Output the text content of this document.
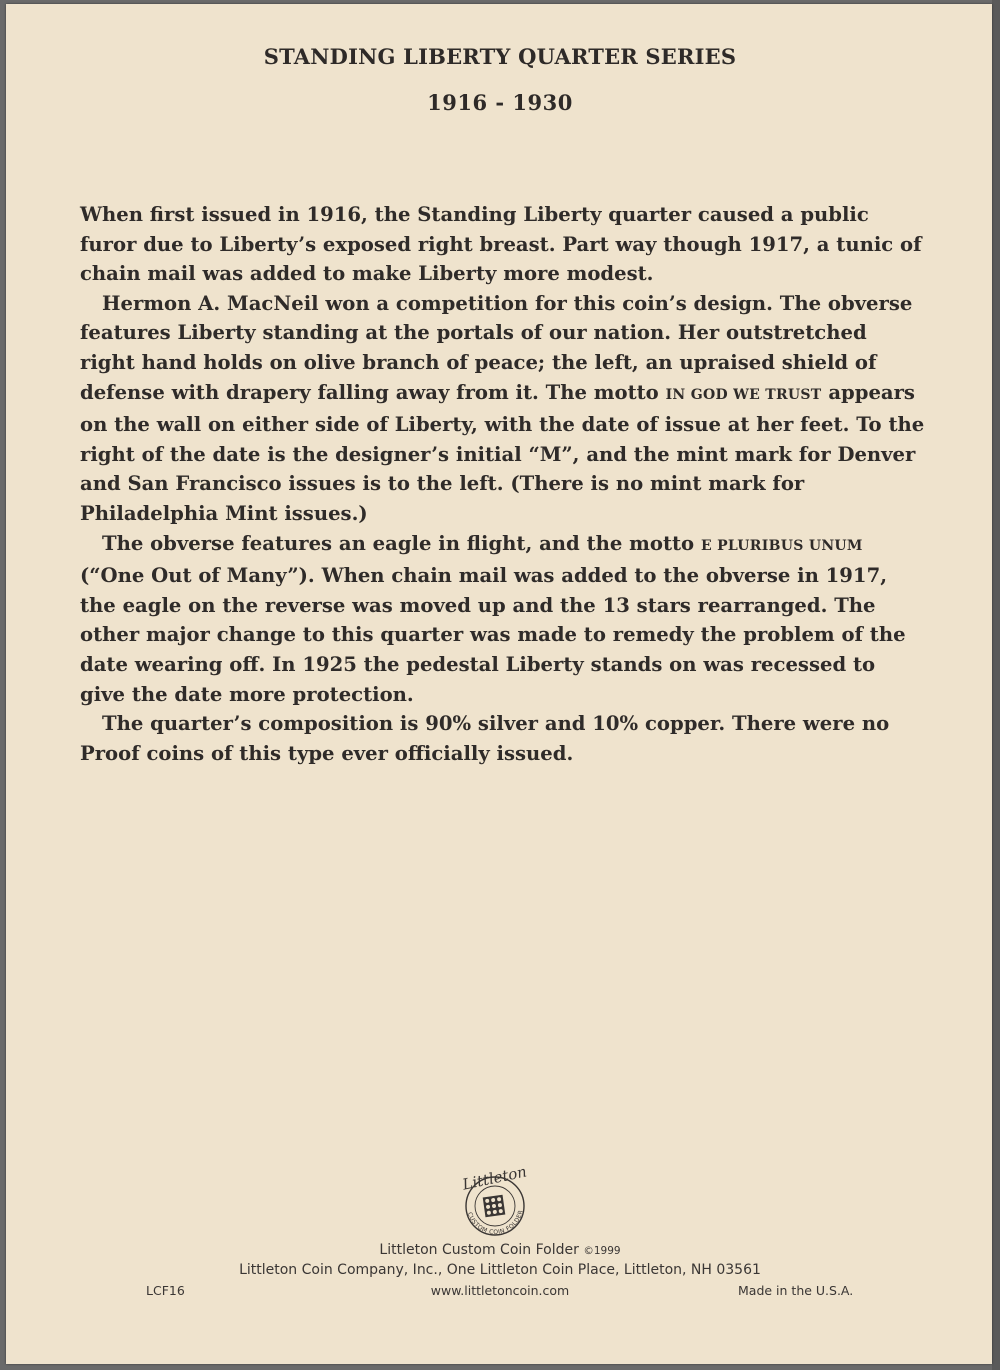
STANDING LIBERTY QUARTER SERIES
1916 - 1930

When first issued in 1916, the Standing Liberty quarter caused a public furor due to Liberty’s exposed right breast. Part way though 1917, a tunic of chain mail was added to make Liberty more modest.

Hermon A. MacNeil won a competition for this coin’s design. The obverse features Liberty standing at the portals of our nation. Her outstretched right hand holds on olive branch of peace; the left, an upraised shield of defense with drapery falling away from it. The motto IN GOD WE TRUST appears on the wall on either side of Liberty, with the date of issue at her feet. To the right of the date is the designer’s initial “M”, and the mint mark for Denver and San Francisco issues is to the left. (There is no mint mark for Philadelphia Mint issues.)

The obverse features an eagle in flight, and the motto E PLURIBUS UNUM (“One Out of Many”). When chain mail was added to the obverse in 1917, the eagle on the reverse was moved up and the 13 stars rearranged. The other major change to this quarter was made to remedy the problem of the date wearing off. In 1925 the pedestal Liberty stands on was recessed to give the date more protection.

The quarter’s composition is 90% silver and 10% copper. There were no Proof coins of this type ever officially issued.

Littleton
CUSTOM COIN FOLDER
Littleton Custom Coin Folder ©1999
Littleton Coin Company, Inc., One Littleton Coin Place, Littleton, NH 03561
www.littletoncoin.com
LCF16	Made in the U.S.A.
